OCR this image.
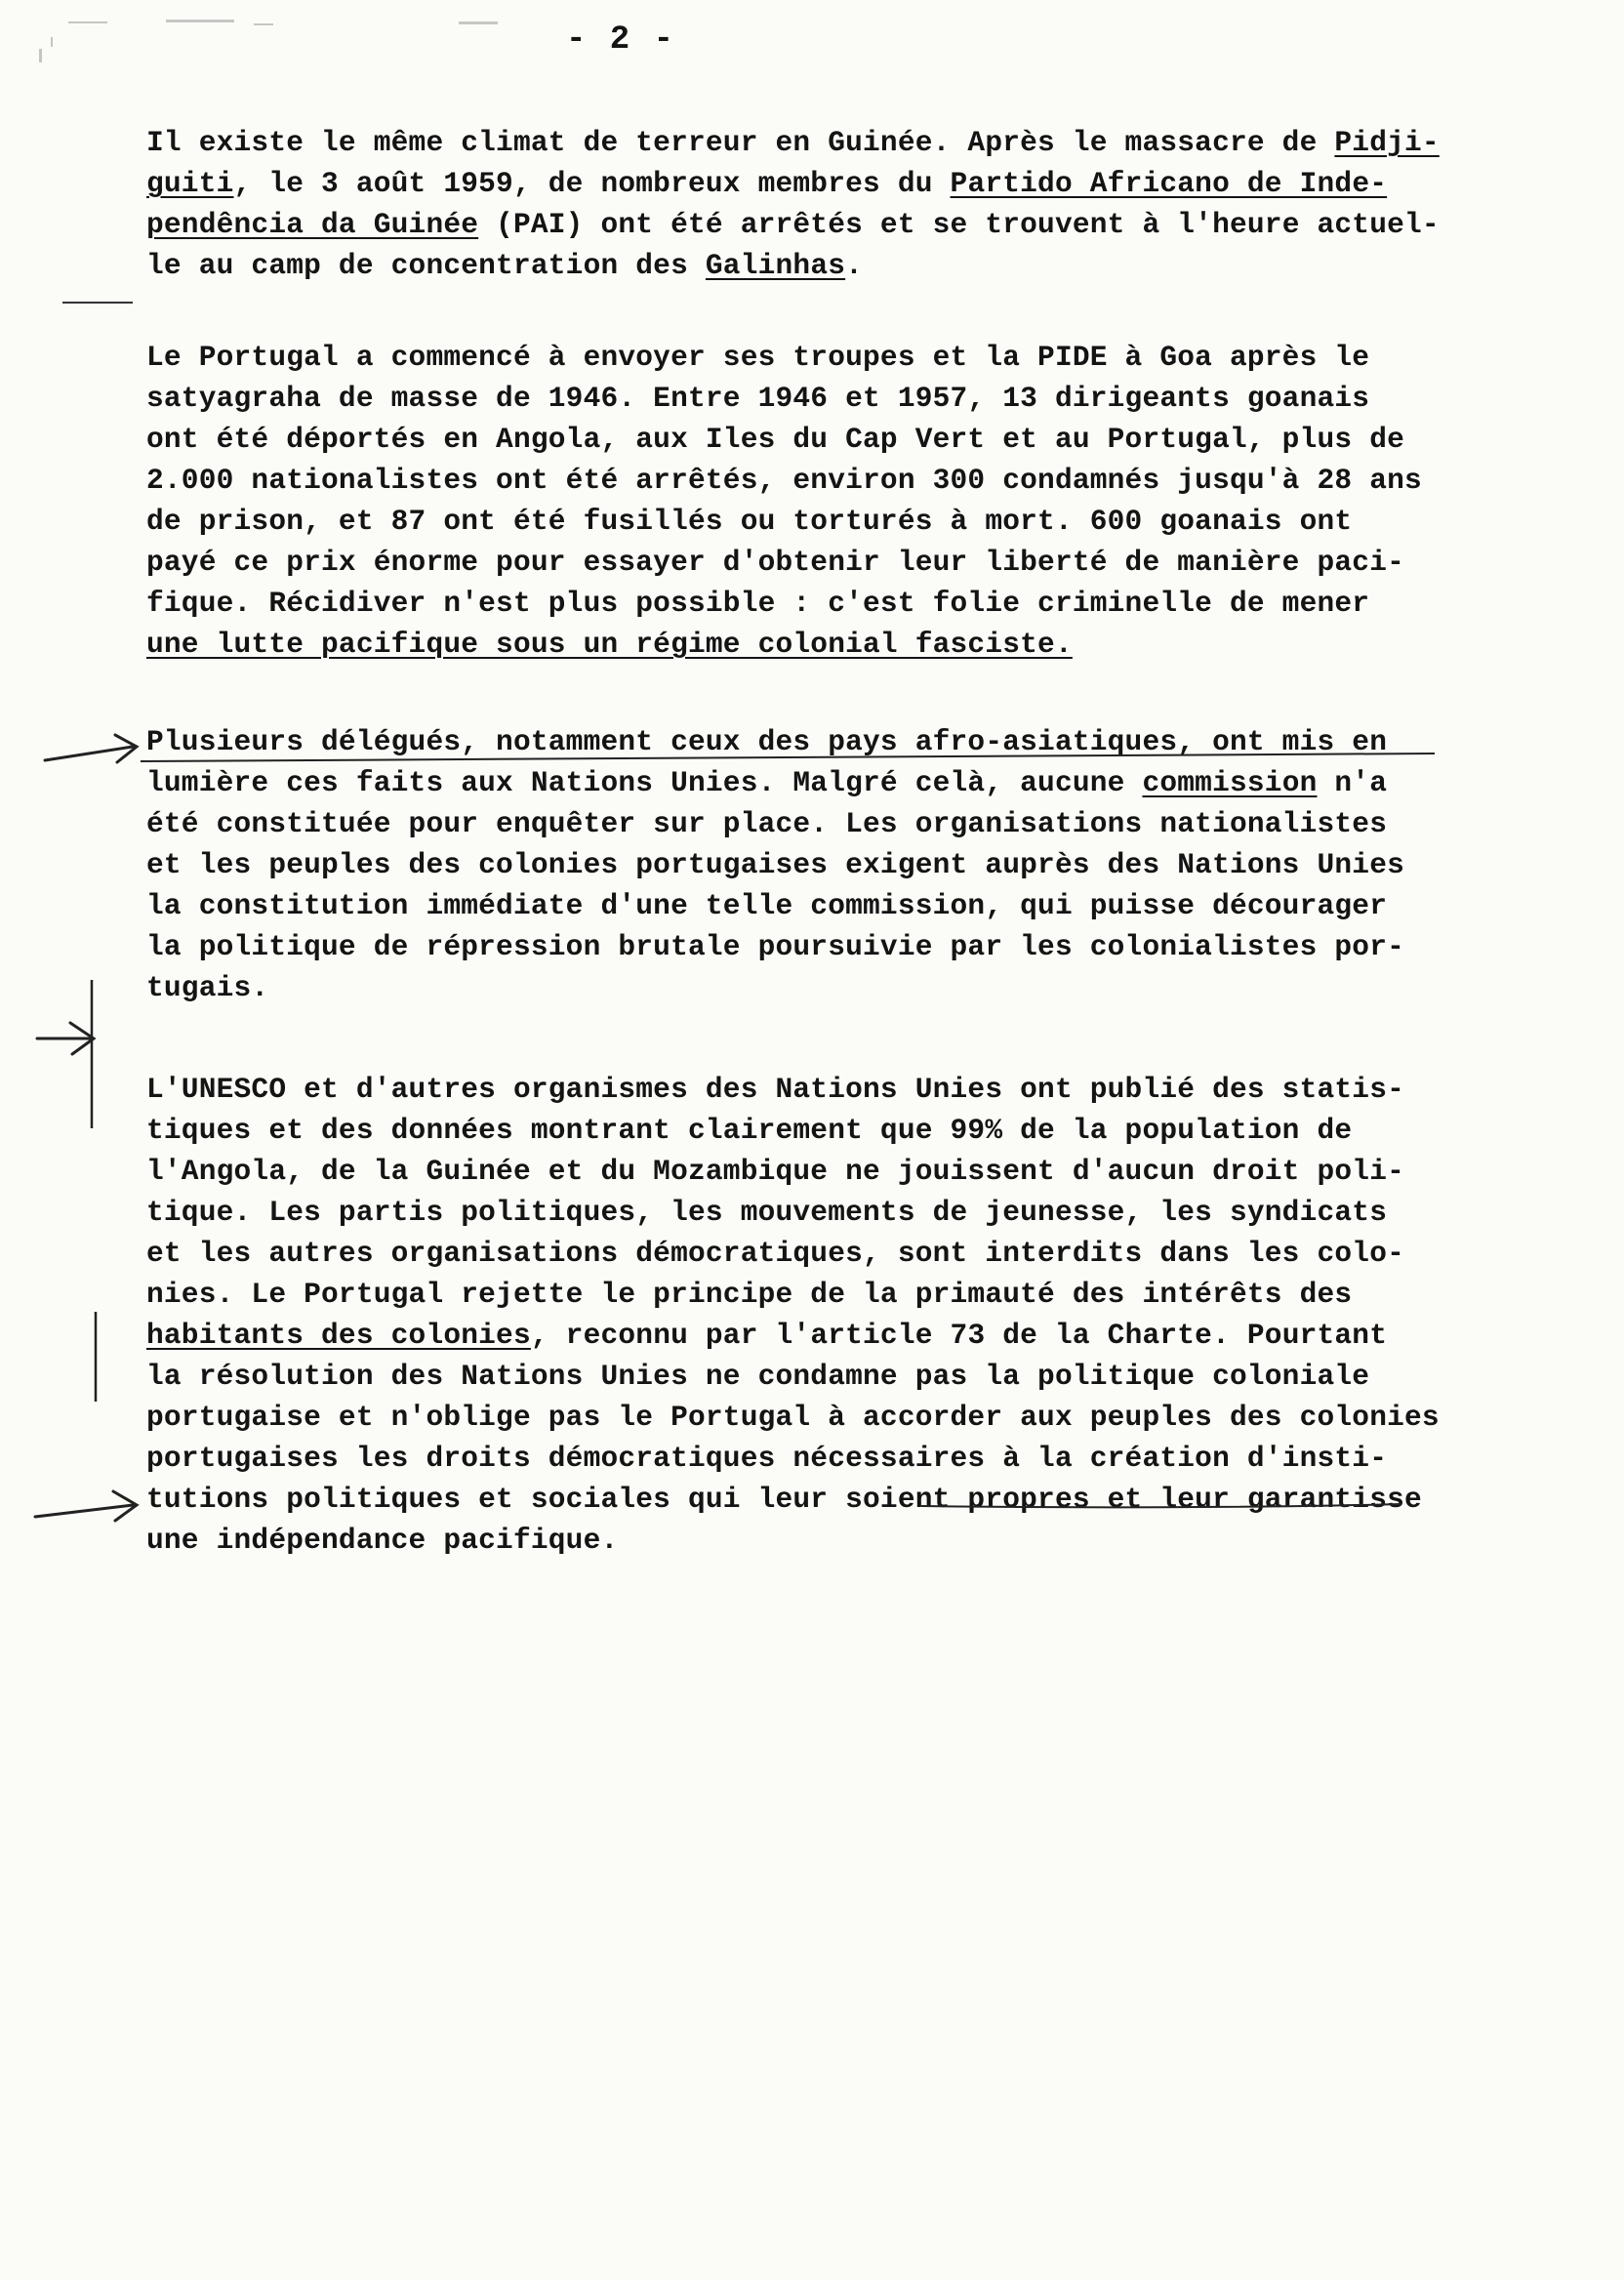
- 2 -
Il existe le même climat de terreur en Guinée. Après le massacre de Pidji-
guiti, le 3 août 1959, de nombreux membres du Partido Africano de Inde-
pendência da Guinée (PAI) ont été arrêtés et se trouvent à l'heure actuel-
le au camp de concentration des Galinhas.
Le Portugal a commencé à envoyer ses troupes et la PIDE à Goa après le
satyagraha de masse de 1946. Entre 1946 et 1957, 13 dirigeants goanais
ont été déportés en Angola, aux Iles du Cap Vert et au Portugal, plus de
2.000 nationalistes ont été arrêtés, environ 300 condamnés jusqu'à 28 ans
de prison, et 87 ont été fusillés ou torturés à mort. 600 goanais ont
payé ce prix énorme pour essayer d'obtenir leur liberté de manière paci-
fique. Récidiver n'est plus possible : c'est folie criminelle de mener
une lutte pacifique sous un régime colonial fasciste.
Plusieurs délégués, notamment ceux des pays afro-asiatiques, ont mis en
lumière ces faits aux Nations Unies. Malgré celà, aucune commission n'a
été constituée pour enquêter sur place. Les organisations nationalistes
et les peuples des colonies portugaises exigent auprès des Nations Unies
la constitution immédiate d'une telle commission, qui puisse décourager
la politique de répression brutale poursuivie par les colonialistes por-
tugais.
L'UNESCO et d'autres organismes des Nations Unies ont publié des statis-
tiques et des données montrant clairement que 99% de la population de
l'Angola, de la Guinée et du Mozambique ne jouissent d'aucun droit poli-
tique. Les partis politiques, les mouvements de jeunesse, les syndicats
et les autres organisations démocratiques, sont interdits dans les colo-
nies. Le Portugal rejette le principe de la primauté des intérêts des
habitants des colonies, reconnu par l'article 73 de la Charte. Pourtant
la résolution des Nations Unies ne condamne pas la politique coloniale
portugaise et n'oblige pas le Portugal à accorder aux peuples des colonies
portugaises les droits démocratiques nécessaires à la création d'insti-
tutions politiques et sociales qui leur soient propres et leur garantisse
une indépendance pacifique.
